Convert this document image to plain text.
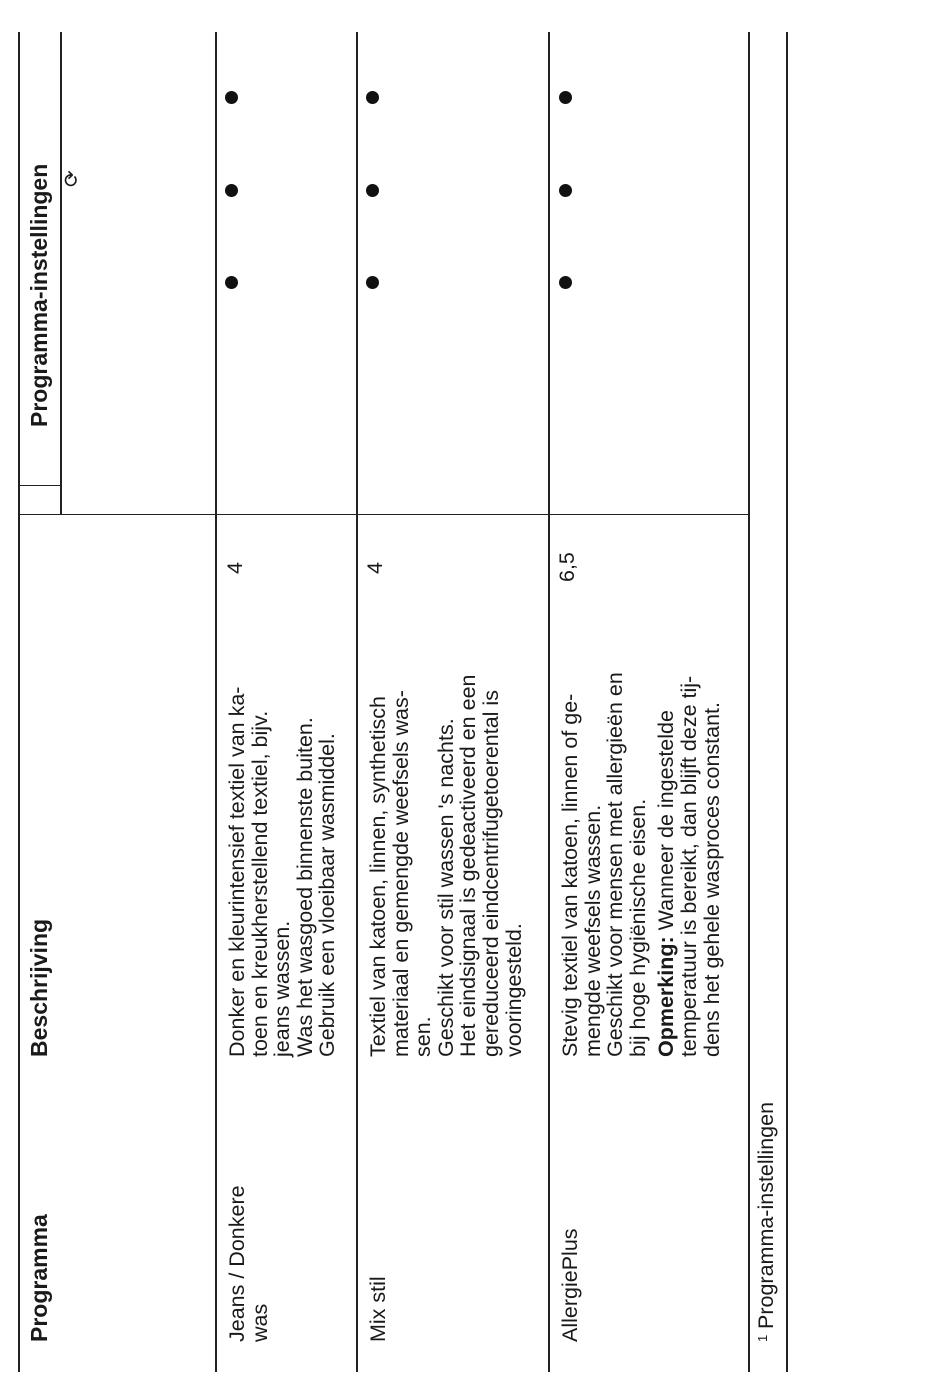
Programma
Beschrijving
Programma-instellingen ⟳
Jeans / Donkere
was
Donker en kleurintensief textiel van ka-
toen en kreukherstellend textiel, bijv.
jeans wassen.
Was het wasgoed binnenste buiten.
Gebruik een vloeibaar wasmiddel.
4
Mix stil
Textiel van katoen, linnen, synthetisch
materiaal en gemengde weefsels was-
sen.
Geschikt voor stil wassen 's nachts.
Het eindsignaal is gedeactiveerd en een
gereduceerd eindcentrifugetoerental is
vooringesteld.
4
AllergiePlus
Stevig textiel van katoen, linnen of ge-
mengde weefsels wassen.
Geschikt voor mensen met allergieën en
bij hoge hygiënische eisen. Opmerking: Wanneer de ingestelde
temperatuur is bereikt, dan blijft deze tij-
dens het gehele wasproces constant.
6,5
1
Programma-instellingen
